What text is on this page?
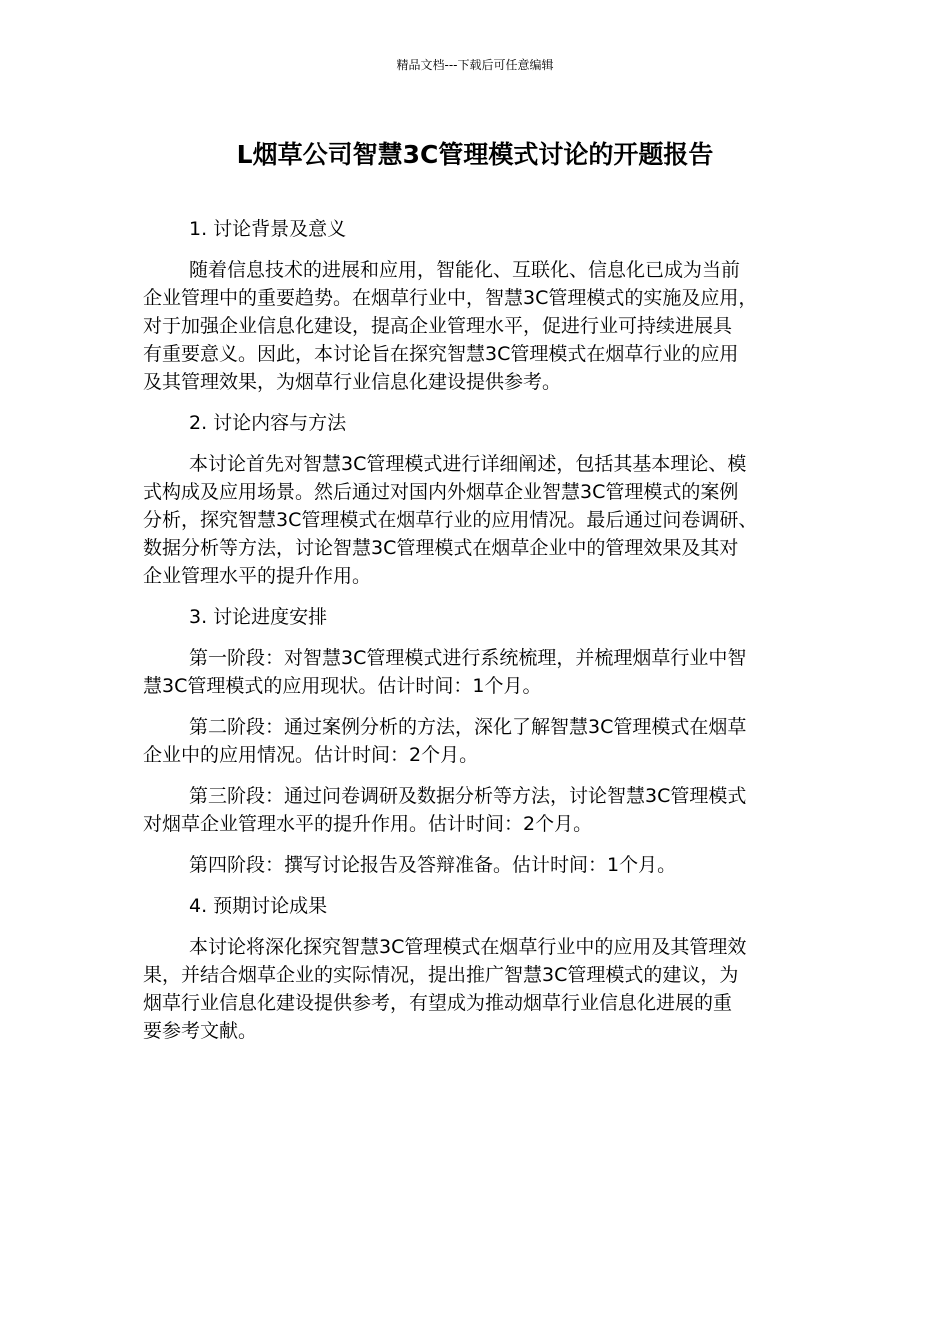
精品文档---下载后可任意编辑
L烟草公司智慧3C管理模式讨论的开题报告
1. 讨论背景及意义
随着信息技术的进展和应用，智能化、互联化、信息化已成为当前
企业管理中的重要趋势。在烟草行业中，智慧3C管理模式的实施及应用，
对于加强企业信息化建设，提高企业管理水平，促进行业可持续进展具
有重要意义。因此，本讨论旨在探究智慧3C管理模式在烟草行业的应用
及其管理效果，为烟草行业信息化建设提供参考。
2. 讨论内容与方法
本讨论首先对智慧3C管理模式进行详细阐述，包括其基本理论、模
式构成及应用场景。然后通过对国内外烟草企业智慧3C管理模式的案例
分析，探究智慧3C管理模式在烟草行业的应用情况。最后通过问卷调研、
数据分析等方法，讨论智慧3C管理模式在烟草企业中的管理效果及其对
企业管理水平的提升作用。
3. 讨论进度安排
第一阶段：对智慧3C管理模式进行系统梳理，并梳理烟草行业中智
慧3C管理模式的应用现状。估计时间：1个月。
第二阶段：通过案例分析的方法，深化了解智慧3C管理模式在烟草
企业中的应用情况。估计时间：2个月。
第三阶段：通过问卷调研及数据分析等方法，讨论智慧3C管理模式
对烟草企业管理水平的提升作用。估计时间：2个月。
第四阶段：撰写讨论报告及答辩准备。估计时间：1个月。
4. 预期讨论成果
本讨论将深化探究智慧3C管理模式在烟草行业中的应用及其管理效
果，并结合烟草企业的实际情况，提出推广智慧3C管理模式的建议，为
烟草行业信息化建设提供参考，有望成为推动烟草行业信息化进展的重
要参考文献。
